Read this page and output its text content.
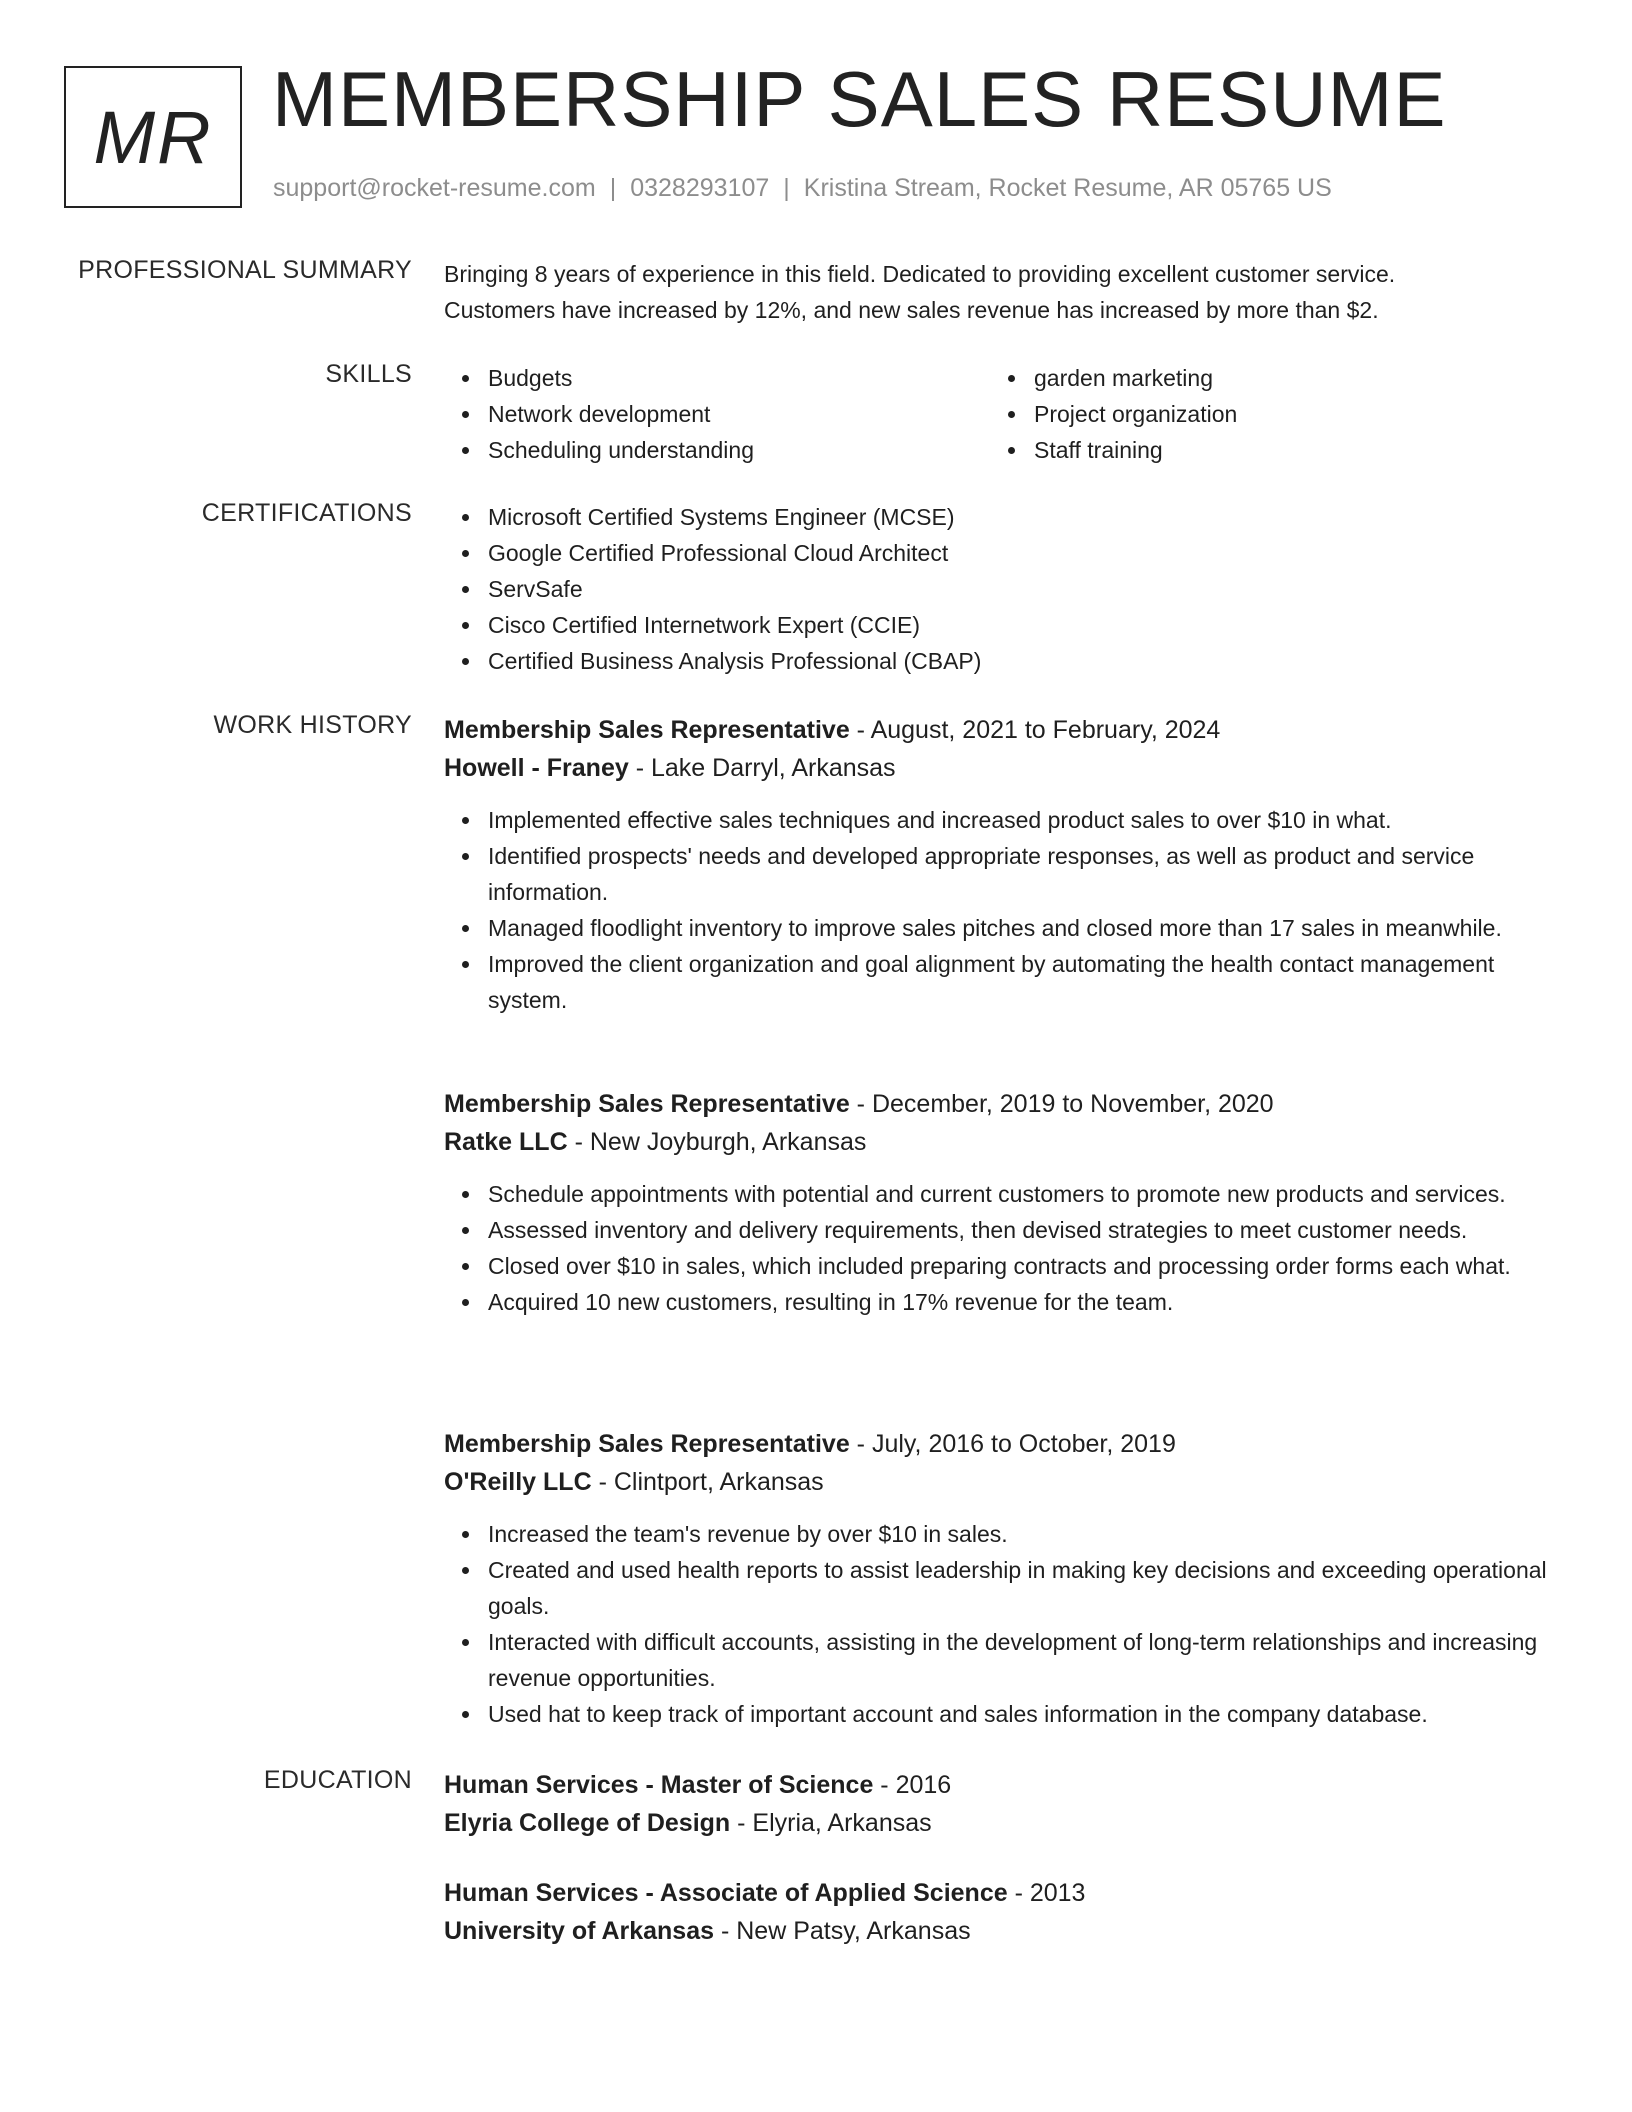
MR MEMBERSHIP SALES RESUME
support@rocket-resume.com | 0328293107 | Kristina Stream, Rocket Resume, AR 05765 US
PROFESSIONAL SUMMARY Bringing 8 years of experience in this field. Dedicated to providing excellent customer service. Customers have increased by 12%, and new sales revenue has increased by more than $2.
SKILLS	Budgets
Network development
Scheduling understanding
garden marketing
Project organization
Staff training
CERTIFICATIONS	Microsoft Certified Systems Engineer (MCSE)
Google Certified Professional Cloud Architect
ServSafe
Cisco Certified Internetwork Expert (CCIE)
Certified Business Analysis Professional (CBAP)
WORK HISTORY Membership Sales Representative - August, 2021 to February, 2024
Howell - Franey - Lake Darryl, Arkansas
Implemented effective sales techniques and increased product sales to over $10 in what.
Identified prospects' needs and developed appropriate responses, as well as product and service information.
Managed floodlight inventory to improve sales pitches and closed more than 17 sales in meanwhile.
Improved the client organization and goal alignment by automating the health contact management system.
Membership Sales Representative - December, 2019 to November, 2020
Ratke LLC - New Joyburgh, Arkansas
Schedule appointments with potential and current customers to promote new products and services.
Assessed inventory and delivery requirements, then devised strategies to meet customer needs.
Closed over $10 in sales, which included preparing contracts and processing order forms each what.
Acquired 10 new customers, resulting in 17% revenue for the team.
Membership Sales Representative - July, 2016 to October, 2019
O'Reilly LLC - Clintport, Arkansas
Increased the team's revenue by over $10 in sales.
Created and used health reports to assist leadership in making key decisions and exceeding operational goals.
Interacted with difficult accounts, assisting in the development of long-term relationships and increasing revenue opportunities.
Used hat to keep track of important account and sales information in the company database.
EDUCATION Human Services - Master of Science - 2016
Elyria College of Design - Elyria, Arkansas
Human Services - Associate of Applied Science - 2013
University of Arkansas - New Patsy, Arkansas
